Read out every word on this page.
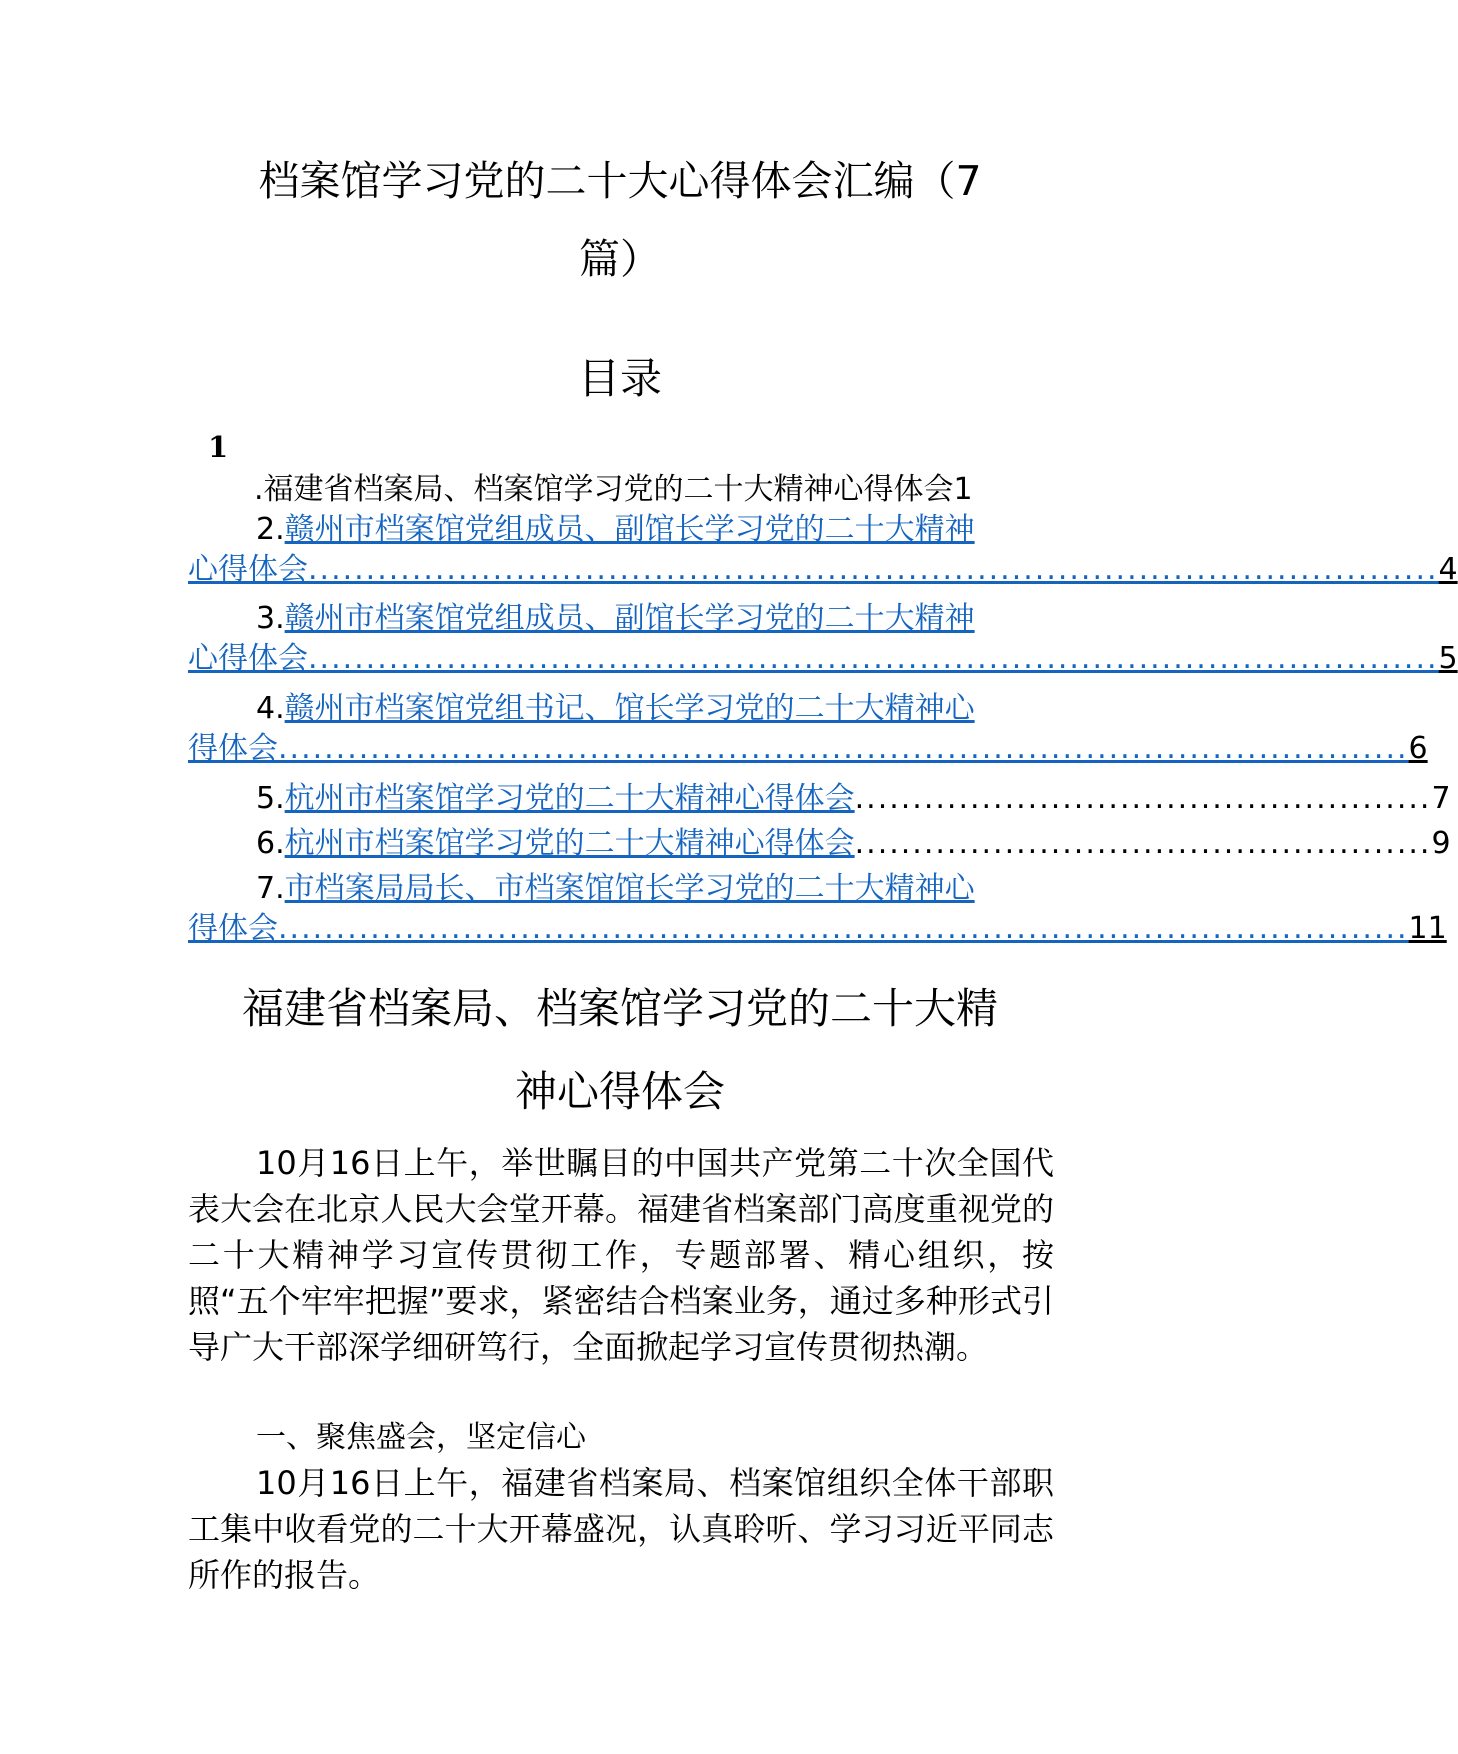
档案馆学习党的二十大心得体会汇编（7
篇）
目录
1
.福建省档案局、档案馆学习党的二十大精神心得体会1
2.赣州市档案馆党组成员、副馆长学习党的二十大精神
心得体会 .................................................................................................. 4
3.赣州市档案馆党组成员、副馆长学习党的二十大精神
心得体会 .................................................................................................. 5
4.赣州市档案馆党组书记、馆长学习党的二十大精神心
得体会 .................................................................................................. 6
5. 杭州市档案馆学习党的二十大精神心得体会 .................................................. 7
6. 杭州市档案馆学习党的二十大精神心得体会 .................................................. 9
7.市档案局局长、市档案馆馆长学习党的二十大精神心
得体会 .................................................................................................. 11
福建省档案局、档案馆学习党的二十大精
神心得体会

10月16日上午，举世瞩目的中国共产党第二十次全国代表大会在北京人民大会堂开幕。福建省档案部门高度重视党的二十大精神学习宣传贯彻工作，专题部署、精心组织，按照“五个牢牢把握”要求，紧密结合档案业务，通过多种形式引导广大干部深学细研笃行，全面掀起学习宣传贯彻热潮。

一、聚焦盛会，坚定信心

10月16日上午，福建省档案局、档案馆组织全体干部职工集中收看党的二十大开幕盛况，认真聆听、学习习近平同志所作的报告。
